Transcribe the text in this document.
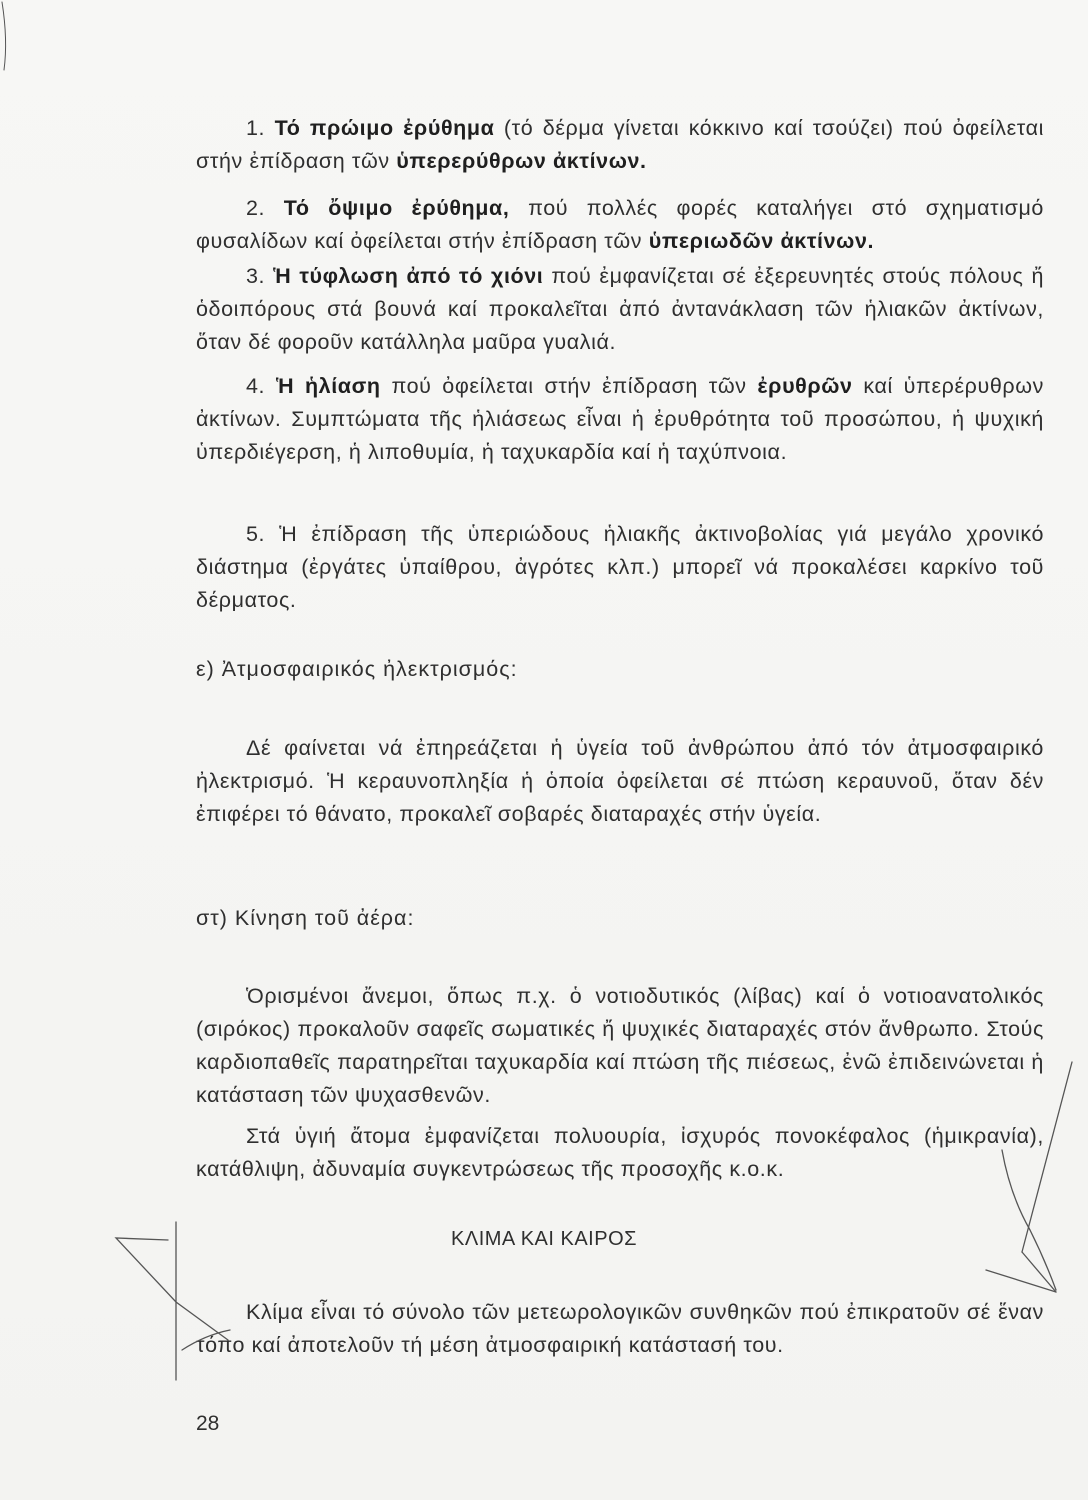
1. Τό πρώιμο ἐρύθημα (τό δέρμα γίνεται κόκκινο καί τσούζει) πού ὀφείλεται στήν ἐπίδραση τῶν ὑπερερύθρων ἀκτίνων.

2. Τό ὄψιμο ἐρύθημα, πού πολλές φορές καταλήγει στό σχηματισμό φυσαλίδων καί ὀφείλεται στήν ἐπίδραση τῶν ὑπεριωδῶν ἀκτίνων.

3. Ἡ τύφλωση ἀπό τό χιόνι πού ἐμφανίζεται σέ ἐξερευνητές στούς πόλους ἤ ὁδοιπόρους στά βουνά καί προκαλεῖται ἀπό ἀντανάκλαση τῶν ἡλιακῶν ἀκτίνων, ὅταν δέ φοροῦν κατάλληλα μαῦρα γυαλιά.

4. Ἡ ἡλίαση πού ὀφείλεται στήν ἐπίδραση τῶν ἐρυθρῶν καί ὑπερέρυθρων ἀκτίνων. Συμπτώματα τῆς ἡλιάσεως εἶναι ἡ ἐρυθρότητα τοῦ προσώπου, ἡ ψυχική ὑπερδιέγερση, ἡ λιποθυμία, ἡ ταχυκαρδία καί ἡ ταχύπνοια.

5. Ἡ ἐπίδραση τῆς ὑπεριώδους ἡλιακῆς ἀκτινοβολίας γιά μεγάλο χρονικό διάστημα (ἐργάτες ὑπαίθρου, ἀγρότες κλπ.) μπορεῖ νά προκαλέσει καρκίνο τοῦ δέρματος.

ε) Ἀτμοσφαιρικός ἠλεκτρισμός:

Δέ φαίνεται νά ἐπηρεάζεται ἡ ὑγεία τοῦ ἀνθρώπου ἀπό τόν ἀτμοσφαιρικό ἠλεκτρισμό. Ἡ κεραυνοπληξία ἡ ὁποία ὀφείλεται σέ πτώση κεραυνοῦ, ὅταν δέν ἐπιφέρει τό θάνατο, προκαλεῖ σοβαρές διαταραχές στήν ὑγεία.

στ) Κίνηση τοῦ ἀέρα:

Ὁρισμένοι ἄνεμοι, ὅπως π.χ. ὁ νοτιοδυτικός (λίβας) καί ὁ νοτιοανατολικός (σιρόκος) προκαλοῦν σαφεῖς σωματικές ἤ ψυχικές διαταραχές στόν ἄνθρωπο. Στούς καρδιοπαθεῖς παρατηρεῖται ταχυκαρδία καί πτώση τῆς πιέσεως, ἐνῶ ἐπιδεινώνεται ἡ κατάσταση τῶν ψυχασθενῶν.

Στά ὑγιή ἄτομα ἐμφανίζεται πολυουρία, ἰσχυρός πονοκέφαλος (ἡμικρανία), κατάθλιψη, ἀδυναμία συγκεντρώσεως τῆς προσοχῆς κ.ο.κ.

ΚΛΙΜΑ ΚΑΙ ΚΑΙΡΟΣ

Κλίμα εἶναι τό σύνολο τῶν μετεωρολογικῶν συνθηκῶν πού ἐπικρατοῦν σέ ἕναν τόπο καί ἀποτελοῦν τή μέση ἀτμοσφαιρική κατάστασή του.

28
